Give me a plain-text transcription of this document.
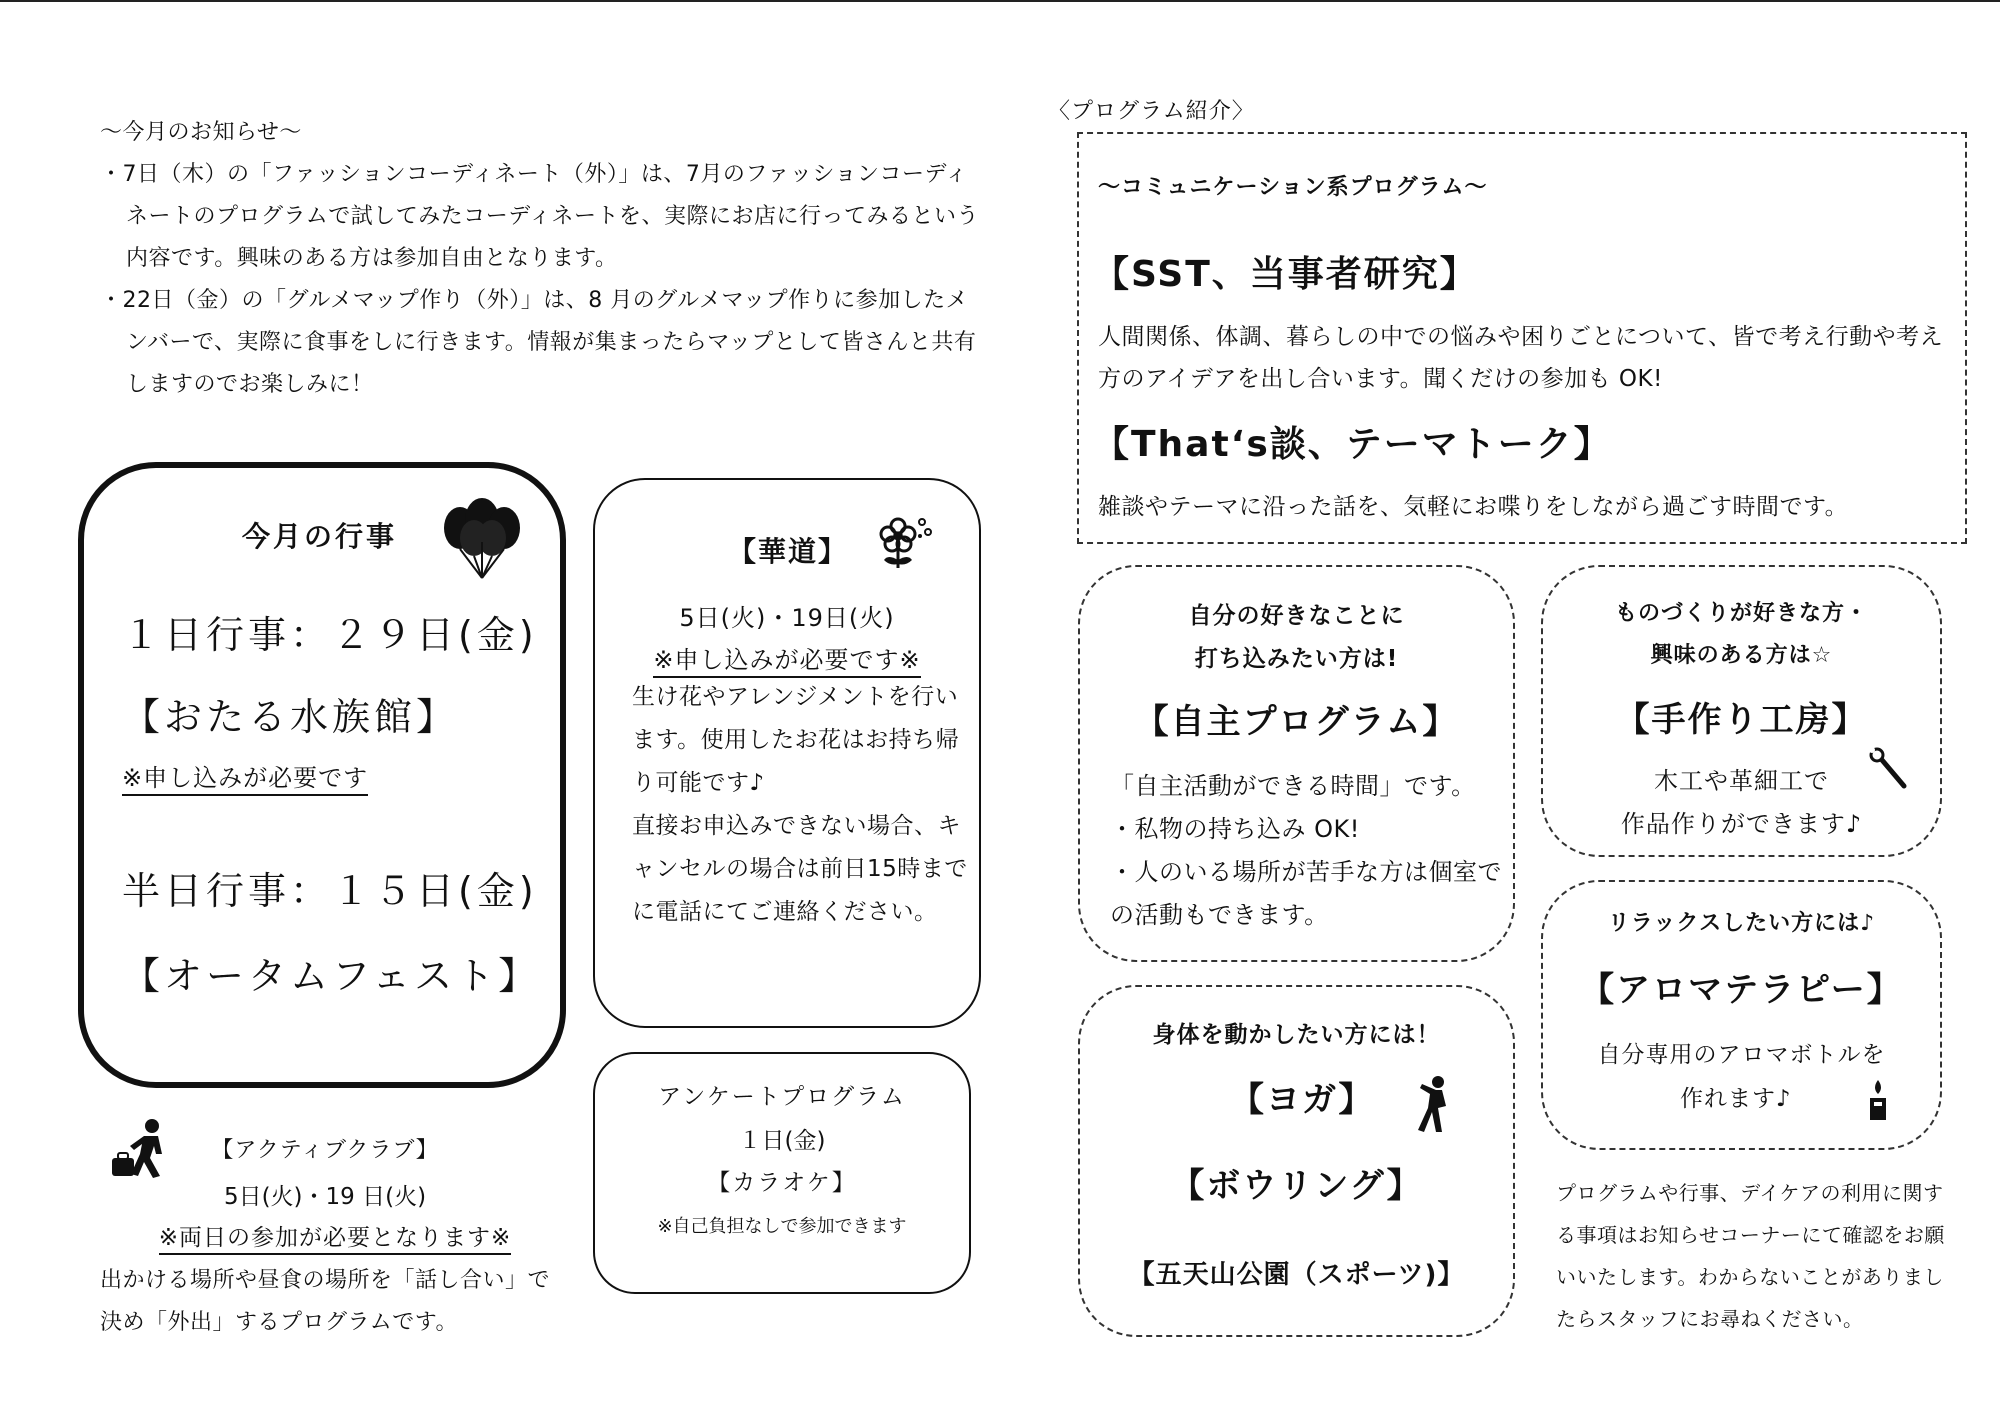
～今月のお知らせ～

・7日（木）の「ファッションコーディネート（外）」は、7月のファッションコーディネートのプログラムで試してみたコーディネートを、実際にお店に行ってみるという内容です。興味のある方は参加自由となります。

・22日（金）の「グルメマップ作り（外）」は、8 月のグルメマップ作りに参加したメンバーで、実際に食事をしに行きます。情報が集まったらマップとして皆さんと共有しますのでお楽しみに！

今月の行事
１日行事：２９日(金)
【おたる水族館】
※申し込みが必要です
半日行事：１５日(金)
【オータムフェスト】
【華道】
5日(火)・19日(火)
※申し込みが必要です※

生け花やアレンジメントを行います。使用したお花はお持ち帰り可能です♪

直接お申込みできない場合、キャンセルの場合は前日15時までに電話にてご連絡ください。

アンケートプログラム
１日(金)
【カラオケ】
※自己負担なしで参加できます
【アクティブクラブ】
5日(火)・19 日(火)
※両日の参加が必要となります※
出かける場所や昼食の場所を「話し合い」で決め「外出」するプログラムです。
〈プログラム紹介〉
～コミュニケーション系プログラム～
【SST、当事者研究】
人間関係、体調、暮らしの中での悩みや困りごとについて、皆で考え行動や考え方のアイデアを出し合います。聞くだけの参加も OK!
【That‘s談、テーマトーク】
雑談やテーマに沿った話を、気軽にお喋りをしながら過ごす時間です。
自分の好きなことに
打ち込みたい方は!
【自主プログラム】

「自主活動ができる時間」です。

・私物の持ち込み OK!

・人のいる場所が苦手な方は個室での活動もできます。

ものづくりが好きな方・
興味のある方は☆
【手作り工房】
木工や革細工で
作品作りができます♪
身体を動かしたい方には！
【ヨガ】
【ボウリング】
【五天山公園（スポーツ)】
リラックスしたい方には♪
【アロマテラピー】
自分専用のアロマボトルを
作れます♪
プログラムや行事、デイケアの利用に関する事項はお知らせコーナーにて確認をお願いいたします。わからないことがありましたらスタッフにお尋ねください。
